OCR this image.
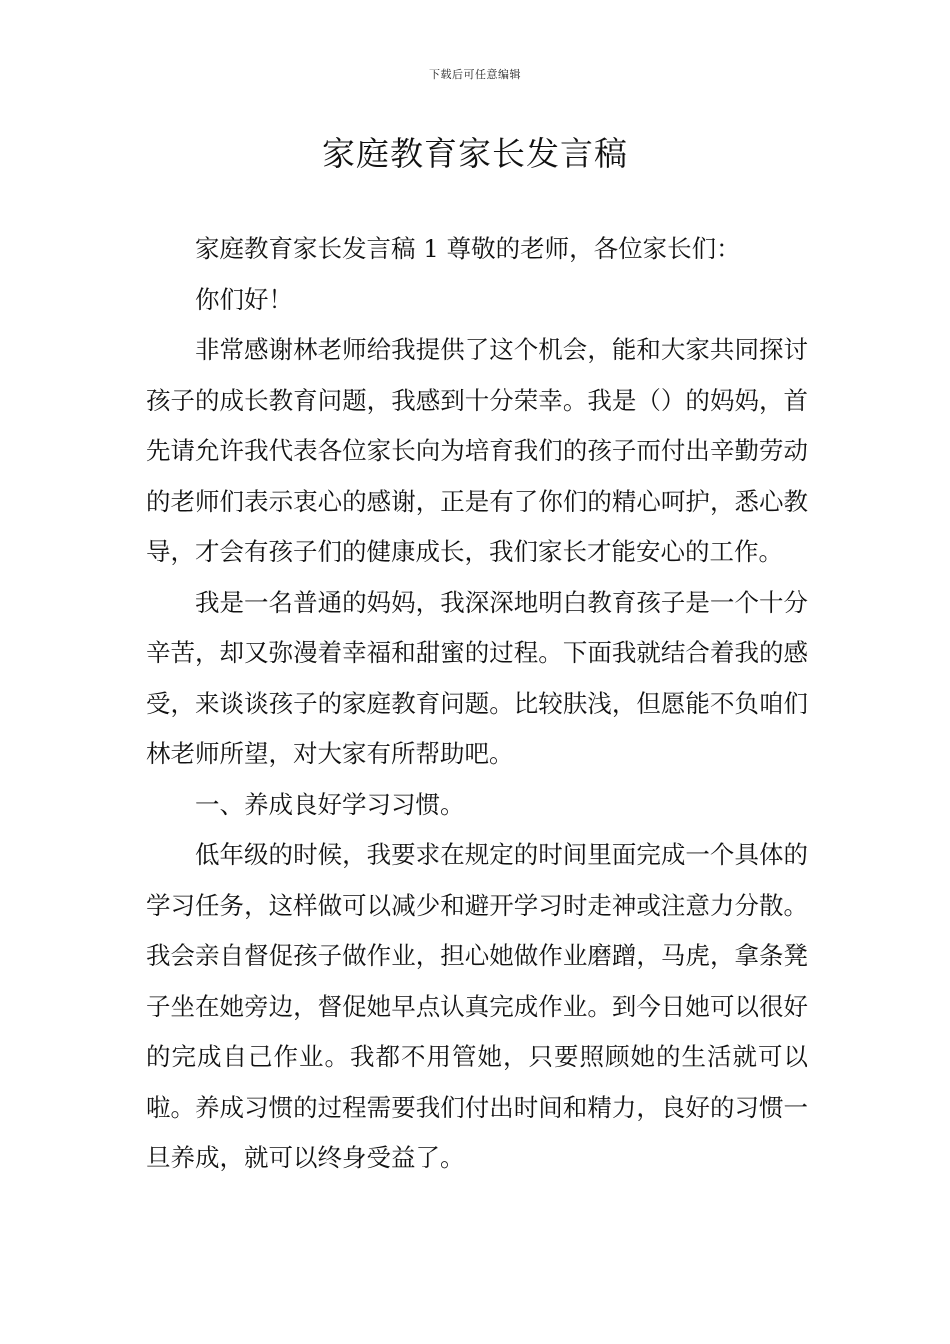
下载后可任意编辑
家庭教育家长发言稿

家庭教育家长发言稿 1 尊敬的老师，各位家长们：

你们好！

非常感谢林老师给我提供了这个机会，能和大家共同探讨孩子的成长教育问题，我感到十分荣幸。我是（）的妈妈，首先请允许我代表各位家长向为培育我们的孩子而付出辛勤劳动的老师们表示衷心的感谢，正是有了你们的精心呵护，悉心教导，才会有孩子们的健康成长，我们家长才能安心的工作。

我是一名普通的妈妈，我深深地明白教育孩子是一个十分辛苦，却又弥漫着幸福和甜蜜的过程。下面我就结合着我的感受，来谈谈孩子的家庭教育问题。比较肤浅，但愿能不负咱们林老师所望，对大家有所帮助吧。

一、养成良好学习习惯。

低年级的时候，我要求在规定的时间里面完成一个具体的学习任务，这样做可以减少和避开学习时走神或注意力分散。我会亲自督促孩子做作业，担心她做作业磨蹭，马虎，拿条凳子坐在她旁边，督促她早点认真完成作业。到今日她可以很好的完成自己作业。我都不用管她，只要照顾她的生活就可以啦。养成习惯的过程需要我们付出时间和精力，良好的习惯一旦养成，就可以终身受益了。
